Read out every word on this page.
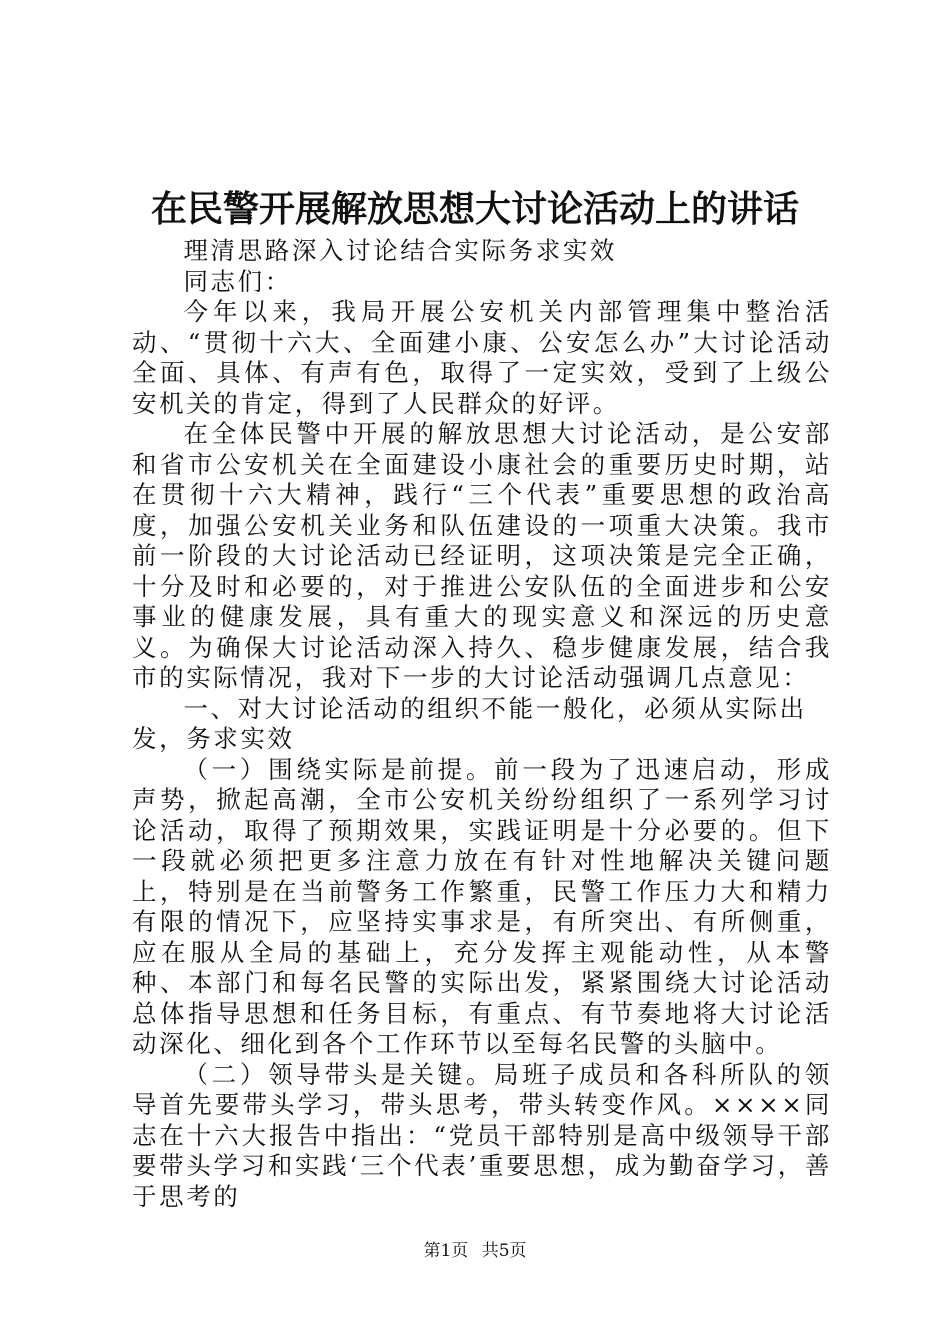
在民警开展解放思想大讨论活动上的讲话

理清思路深入讨论结合实际务求实效

同志们：

今年以来，我局开展公安机关内部管理集中整治活动、“贯彻十六大、全面建小康、公安怎么办”大讨论活动全面、具体、有声有色，取得了一定实效，受到了上级公安机关的肯定，得到了人民群众的好评。

在全体民警中开展的解放思想大讨论活动，是公安部和省市公安机关在全面建设小康社会的重要历史时期，站在贯彻十六大精神，践行“三个代表”重要思想的政治高度，加强公安机关业务和队伍建设的一项重大决策。我市前一阶段的大讨论活动已经证明，这项决策是完全正确，十分及时和必要的，对于推进公安队伍的全面进步和公安事业的健康发展，具有重大的现实意义和深远的历史意义。为确保大讨论活动深入持久、稳步健康发展，结合我市的实际情况，我对下一步的大讨论活动强调几点意见：

一、对大讨论活动的组织不能一般化，必须从实际出发，务求实效

（一）围绕实际是前提。前一段为了迅速启动，形成声势，掀起高潮，全市公安机关纷纷组织了一系列学习讨论活动，取得了预期效果，实践证明是十分必要的。但下一段就必须把更多注意力放在有针对性地解决关键问题上，特别是在当前警务工作繁重，民警工作压力大和精力有限的情况下，应坚持实事求是，有所突出、有所侧重，应在服从全局的基础上，充分发挥主观能动性，从本警种、本部门和每名民警的实际出发，紧紧围绕大讨论活动总体指导思想和任务目标，有重点、有节奏地将大讨论活动深化、细化到各个工作环节以至每名民警的头脑中。

（二）领导带头是关键。局班子成员和各科所队的领导首先要带头学习，带头思考，带头转变作风。××××同志在十六大报告中指出：“党员干部特别是高中级领导干部要带头学习和实践‘三个代表’重要思想，成为勤奋学习，善于思考的

第1页 共5页
